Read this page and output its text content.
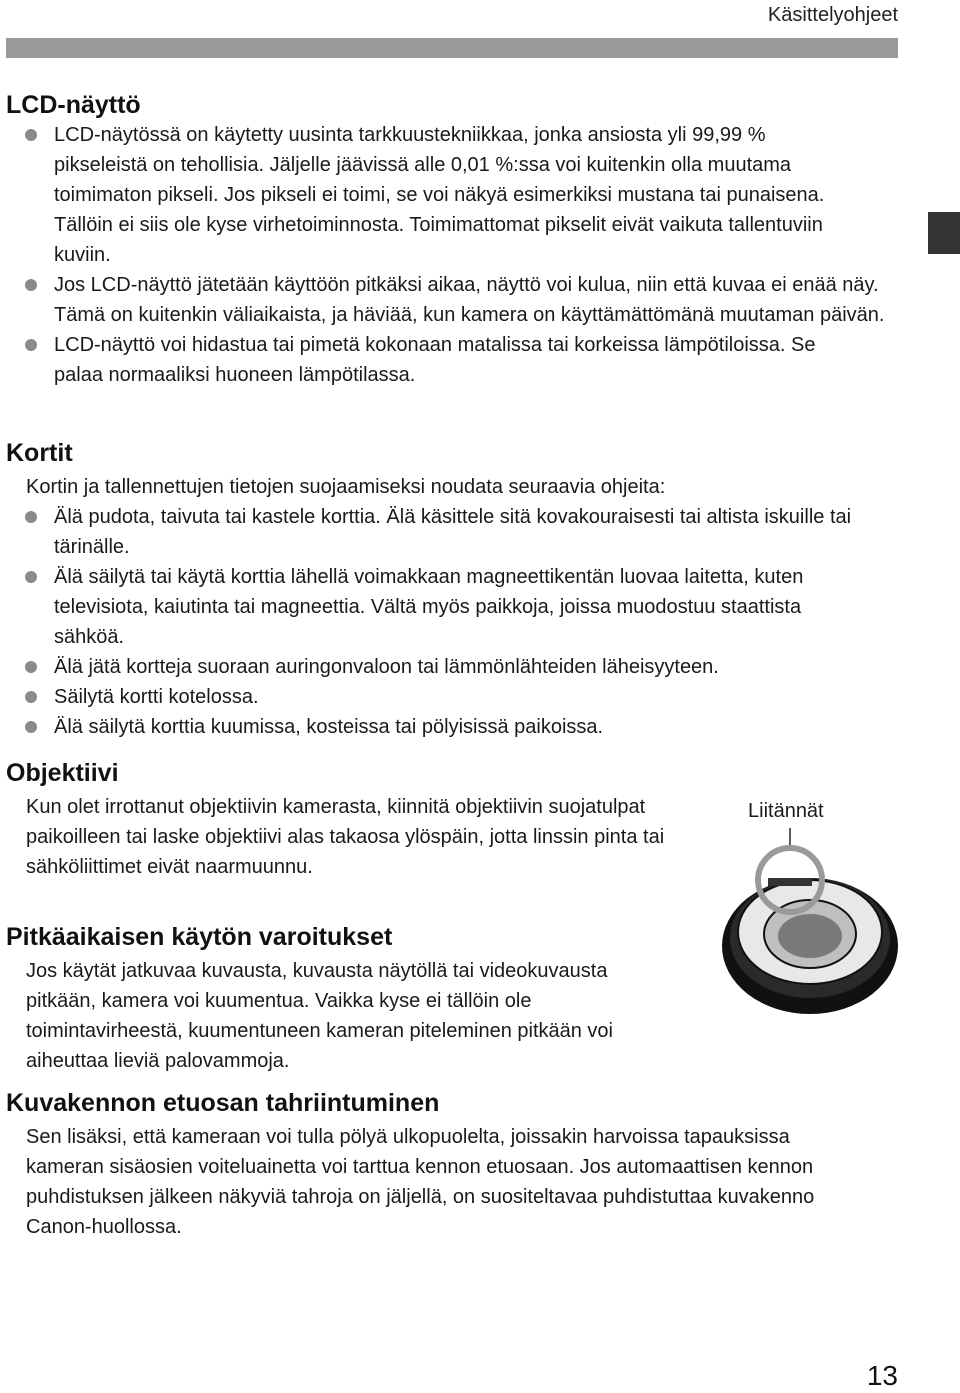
Käsittelyohjeet
LCD-näyttö
LCD-näytössä on käytetty uusinta tarkkuustekniikkaa, jonka ansiosta yli 99,99 % pikseleistä on tehollisia. Jäljelle jäävissä alle 0,01 %:ssa voi kuitenkin olla muutama toimimaton pikseli. Jos pikseli ei toimi, se voi näkyä esimerkiksi mustana tai punaisena. Tällöin ei siis ole kyse virhetoiminnosta. Toimimattomat pikselit eivät vaikuta tallentuviin kuviin.
Jos LCD-näyttö jätetään käyttöön pitkäksi aikaa, näyttö voi kulua, niin että kuvaa ei enää näy. Tämä on kuitenkin väliaikaista, ja häviää, kun kamera on käyttämättömänä muutaman päivän.
LCD-näyttö voi hidastua tai pimetä kokonaan matalissa tai korkeissa lämpötiloissa. Se palaa normaaliksi huoneen lämpötilassa.
Kortit

Kortin ja tallennettujen tietojen suojaamiseksi noudata seuraavia ohjeita:

Älä pudota, taivuta tai kastele korttia. Älä käsittele sitä kovakouraisesti tai altista iskuille tai tärinälle.
Älä säilytä tai käytä korttia lähellä voimakkaan magneettikentän luovaa laitetta, kuten televisiota, kaiutinta tai magneettia. Vältä myös paikkoja, joissa muodostuu staattista sähköä.
Älä jätä kortteja suoraan auringonvaloon tai lämmönlähteiden läheisyyteen.
Säilytä kortti kotelossa.
Älä säilytä korttia kuumissa, kosteissa tai pölyisissä paikoissa.
Objektiivi

Kun olet irrottanut objektiivin kamerasta, kiinnitä objektiivin suojatulpat paikoilleen tai laske objektiivi alas takaosa ylöspäin, jotta linssin pinta tai sähköliittimet eivät naarmuunnu.

Liitännät
Pitkäaikaisen käytön varoitukset

Jos käytät jatkuvaa kuvausta, kuvausta näytöllä tai videokuvausta pitkään, kamera voi kuumentua. Vaikka kyse ei tällöin ole toimintavirheestä, kuumentuneen kameran piteleminen pitkään voi aiheuttaa lieviä palovammoja.

Kuvakennon etuosan tahriintuminen

Sen lisäksi, että kameraan voi tulla pölyä ulkopuolelta, joissakin harvoissa tapauksissa kameran sisäosien voiteluainetta voi tarttua kennon etuosaan. Jos automaattisen kennon puhdistuksen jälkeen näkyviä tahroja on jäljellä, on suositeltavaa puhdistuttaa kuvakenno Canon-huollossa.

13
